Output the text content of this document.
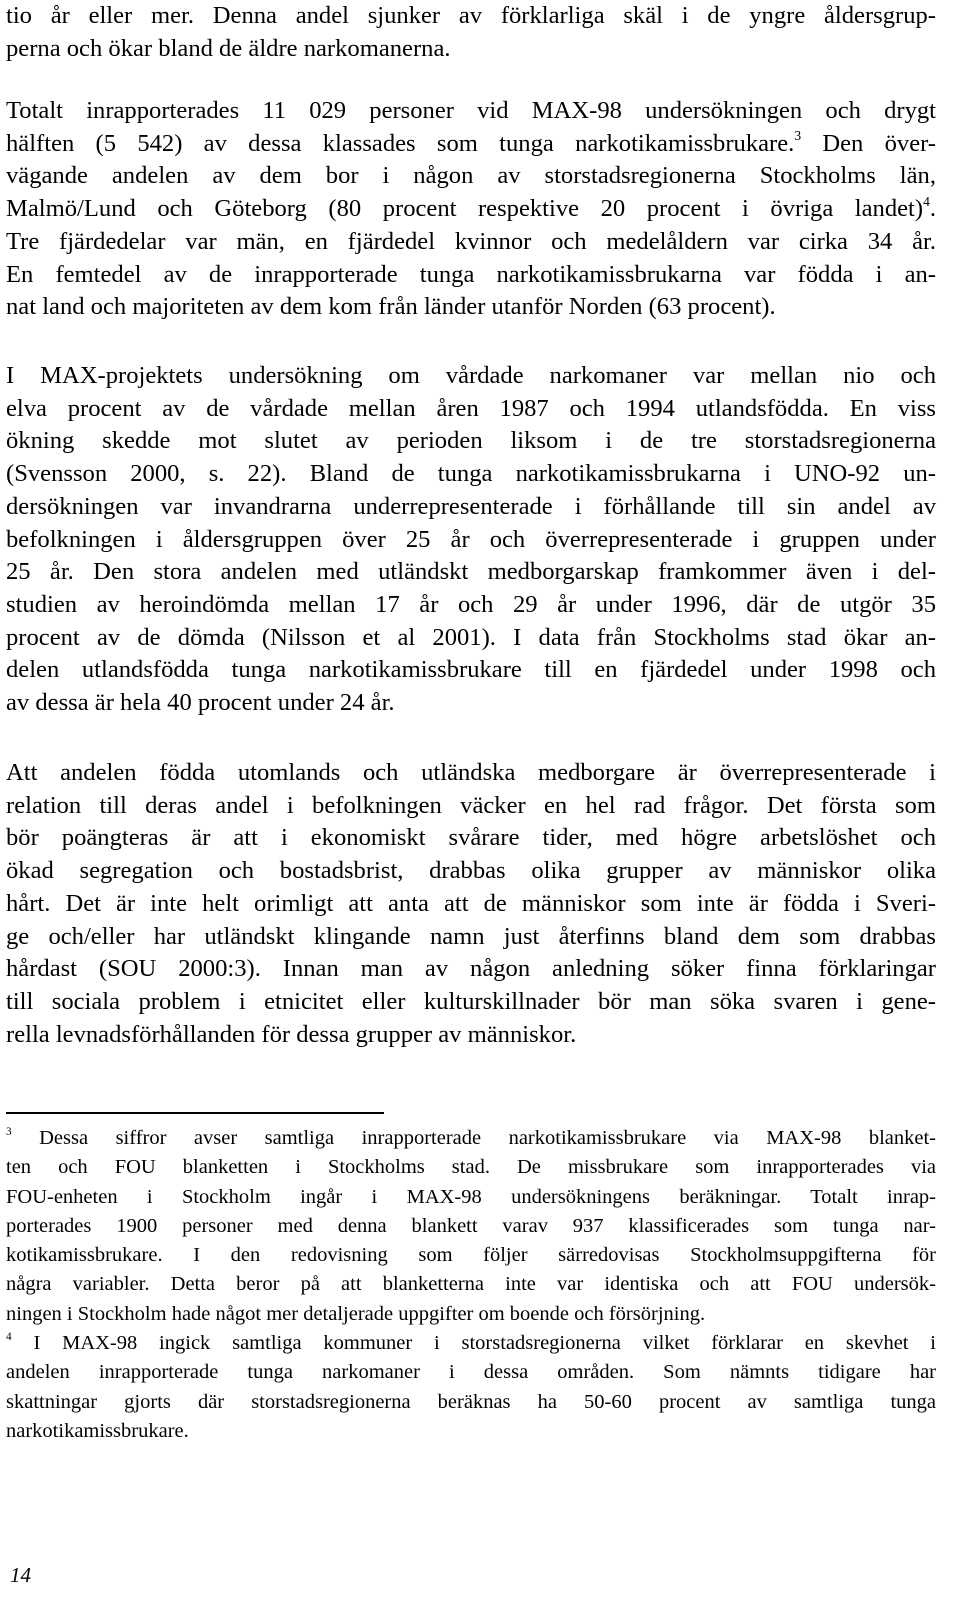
tio år eller mer. Denna andel sjunker av förklarliga skäl i de yngre åldersgrup-
perna och ökar bland de äldre narkomanerna.
Totalt inrapporterades 11 029 personer vid MAX-98 undersökningen och drygt
hälften (5 542) av dessa klassades som tunga narkotikamissbrukare.$^3$ Den över-
vägande andelen av dem bor i någon av storstadsregionerna Stockholms län,
Malmö/Lund och Göteborg (80 procent respektive 20 procent i övriga landet)$^4$.
Tre fjärdedelar var män, en fjärdedel kvinnor och medelåldern var cirka 34 år.
En femtedel av de inrapporterade tunga narkotikamissbrukarna var födda i an-
nat land och majoriteten av dem kom från länder utanför Norden (63 procent).
I MAX-projektets undersökning om vårdade narkomaner var mellan nio och
elva procent av de vårdade mellan åren 1987 och 1994 utlandsfödda. En viss
ökning skedde mot slutet av perioden liksom i de tre storstadsregionerna
(Svensson 2000, s. 22). Bland de tunga narkotikamissbrukarna i UNO-92 un-
dersökningen var invandrarna underrepresenterade i förhållande till sin andel av
befolkningen i åldersgruppen över 25 år och överrepresenterade i gruppen under
25 år. Den stora andelen med utländskt medborgarskap framkommer även i del-
studien av heroindömda mellan 17 år och 29 år under 1996, där de utgör 35
procent av de dömda (Nilsson et al 2001). I data från Stockholms stad ökar an-
delen utlandsfödda tunga narkotikamissbrukare till en fjärdedel under 1998 och
av dessa är hela 40 procent under 24 år.
Att andelen födda utomlands och utländska medborgare är överrepresenterade i
relation till deras andel i befolkningen väcker en hel rad frågor. Det första som
bör poängteras är att i ekonomiskt svårare tider, med högre arbetslöshet och
ökad segregation och bostadsbrist, drabbas olika grupper av människor olika
hårt. Det är inte helt orimligt att anta att de människor som inte är födda i Sveri-
ge och/eller har utländskt klingande namn just återfinns bland dem som drabbas
hårdast (SOU 2000:3). Innan man av någon anledning söker finna förklaringar
till sociala problem i etnicitet eller kulturskillnader bör man söka svaren i gene-
rella levnadsförhållanden för dessa grupper av människor.
$^3$ Dessa siffror avser samtliga inrapporterade narkotikamissbrukare via MAX-98 blanket-
ten och FOU blanketten i Stockholms stad. De missbrukare som inrapporterades via
FOU-enheten i Stockholm ingår i MAX-98 undersökningens beräkningar. Totalt inrap-
porterades 1900 personer med denna blankett varav 937 klassificerades som tunga nar-
kotikamissbrukare. I den redovisning som följer särredovisas Stockholmsuppgifterna för
några variabler. Detta beror på att blanketterna inte var identiska och att FOU undersök-
ningen i Stockholm hade något mer detaljerade uppgifter om boende och försörjning.
$^4$ I MAX-98 ingick samtliga kommuner i storstadsregionerna vilket förklarar en skevhet i
andelen inrapporterade tunga narkomaner i dessa områden. Som nämnts tidigare har
skattningar gjorts där storstadsregionerna beräknas ha 50-60 procent av samtliga tunga
narkotikamissbrukare.
14
